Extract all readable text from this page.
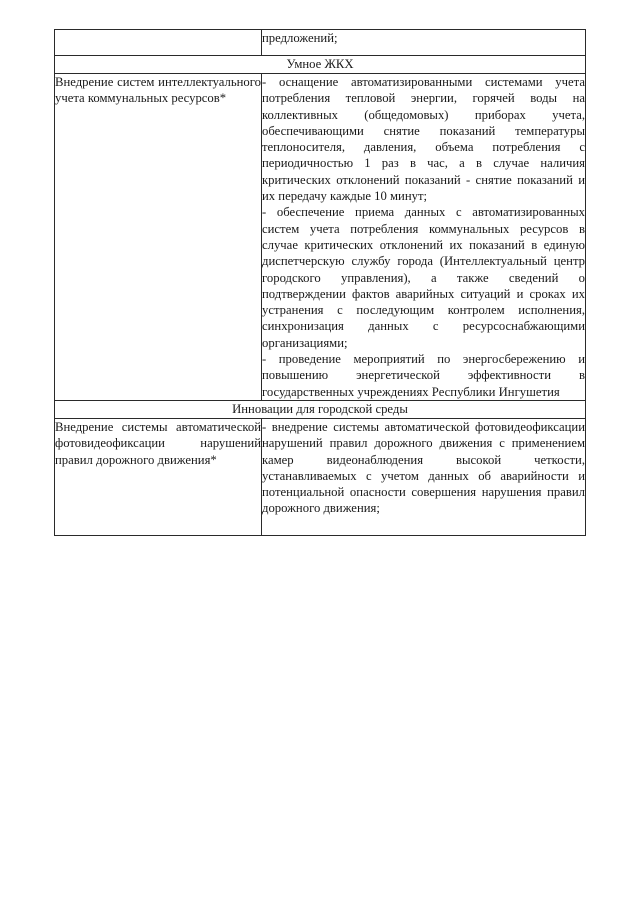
	предложений;
Умное ЖКХ	
Внедрение систем интеллектуального учета коммунальных ресурсов*	- оснащение автоматизированными системами учета потребления тепловой энергии, горячей воды на коллективных (общедомовых) приборах учета, обеспечивающими снятие показаний температуры теплоносителя, давления, объема потребления с периодичностью 1 раз в час, а в случае наличия критических отклонений показаний - снятие показаний и их передачу каждые 10 минут;
- обеспечение приема данных с автоматизированных систем учета потребления коммунальных ресурсов в случае критических отклонений их показаний в единую диспетчерскую службу города (Интеллектуальный центр городского управления), а также сведений о подтверждении фактов аварийных ситуаций и сроках их устранения с последующим контролем исполнения, синхронизация данных с ресурсоснабжающими организациями;
- проведение мероприятий по энергосбережению и повышению энергетической эффективности в государственных учреждениях Республики Ингушетия

Инновации для городской среды	
Внедрение системы автоматической фотовидеофиксации нарушений правил дорожного движения*	- внедрение системы автоматической фотовидеофиксации нарушений правил дорожного движения с применением камер видеонаблюдения высокой четкости, устанавливаемых с учетом данных об аварийности и потенциальной опасности совершения нарушения правил дорожного движения;
